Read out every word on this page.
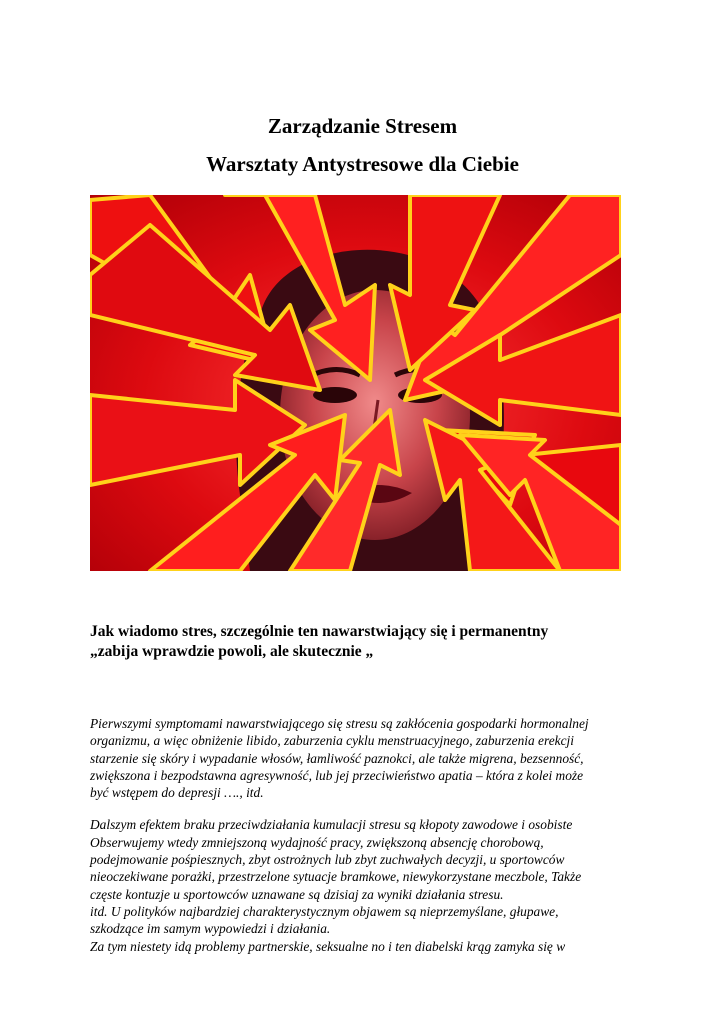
Zarządzanie Stresem
Warsztaty Antystresowe dla Ciebie
Jak wiadomo stres, szczególnie ten nawarstwiający się i permanentny
„zabija wprawdzie powoli, ale skutecznie „
Pierwszymi symptomami nawarstwiającego się stresu są zakłócenia gospodarki hormonalnej
organizmu, a więc obniżenie libido, zaburzenia cyklu menstruacyjnego, zaburzenia erekcji
starzenie się skóry i wypadanie włosów, łamliwość paznokci, ale także migrena, bezsenność,
zwiększona i bezpodstawna agresywność, lub jej przeciwieństwo apatia – która z kolei może
być wstępem do depresji …., itd.
Dalszym efektem braku przeciwdziałania kumulacji stresu są kłopoty zawodowe i osobiste
Obserwujemy wtedy zmniejszoną wydajność pracy, zwiększoną absencję chorobową,
podejmowanie pośpiesznych, zbyt ostrożnych lub zbyt zuchwałych decyzji, u sportowców
nieoczekiwane porażki, przestrzelone sytuacje bramkowe, niewykorzystane meczbole, Także
częste kontuzje u sportowców uznawane są dzisiaj za wyniki działania stresu.
itd. U polityków najbardziej charakterystycznym objawem są nieprzemyślane, głupawe,
szkodzące im samym wypowiedzi i działania.
Za tym niestety idą problemy partnerskie, seksualne no i ten diabelski krąg zamyka się w
